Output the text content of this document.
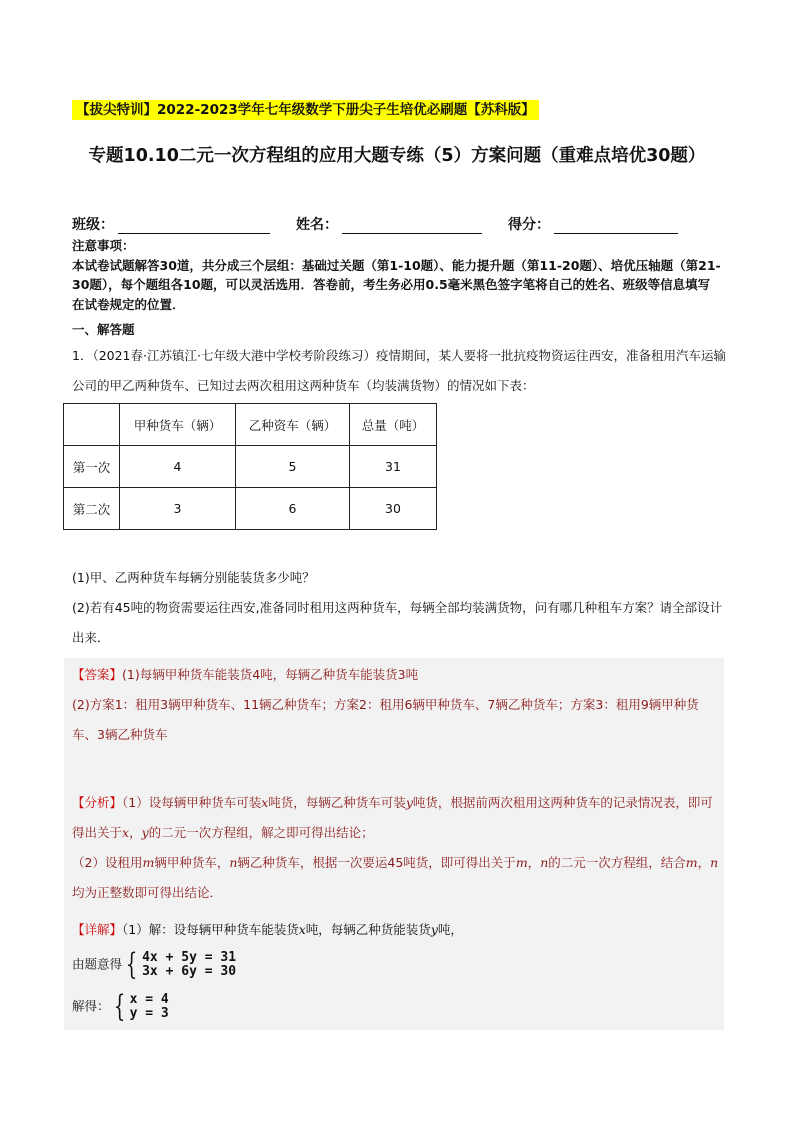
【拔尖特训】2022-2023学年七年级数学下册尖子生培优必刷题【苏科版】
专题10.10二元一次方程组的应用大题专练（5）方案问题（重难点培优30题）
班级：	姓名：	得分：

注意事项：

本试卷试题解答30道，共分成三个层组：基础过关题（第1-10题）、能力提升题（第11-20题）、培优压轴题（第21-30题），每个题组各10题，可以灵活选用．答卷前，考生务必用0.5毫米黑色签字笔将自己的姓名、班级等信息填写在试卷规定的位置．

一、解答题
1．（2021春·江苏镇江·七年级大港中学校考阶段练习）疫情期间，某人要将一批抗疫物资运往西安，准备租用汽车运输公司的甲乙两种货车、已知过去两次租用这两种货车（均装满货物）的情况如下表：
	甲种货车（辆）	乙种资车（辆）	总量（吨）
第一次	4	5	31
第二次	3	6	30
(1)甲、乙两种货车每辆分别能装货多少吨？
(2)若有45吨的物资需要运往西安,准备同时租用这两种货车，每辆全部均装满货物，问有哪几种租车方案？请全部设计出来．
【答案】(1)每辆甲种货车能装货4吨，每辆乙种货车能装货3吨
(2)方案1：租用3辆甲种货车、11辆乙种货车；方案2：租用6辆甲种货车、7辆乙种货车；方案3：租用9辆甲种货车、3辆乙种货车
【分析】（1）设每辆甲种货车可装x吨货，每辆乙种货车可装y吨货，根据前两次租用这两种货车的记录情况表，即可得出关于x，y的二元一次方程组，解之即可得出结论；
（2）设租用m辆甲种货车，n辆乙种货车，根据一次要运45吨货，即可得出关于m，n的二元一次方程组，结合m，n均为正整数即可得出结论．
【详解】（1）解：设每辆甲种货车能装货x吨，每辆乙种货能装货y吨，
由题意得 { 4x + 5y = 31
3x + 6y = 30
解得： { x = 4
y = 3
